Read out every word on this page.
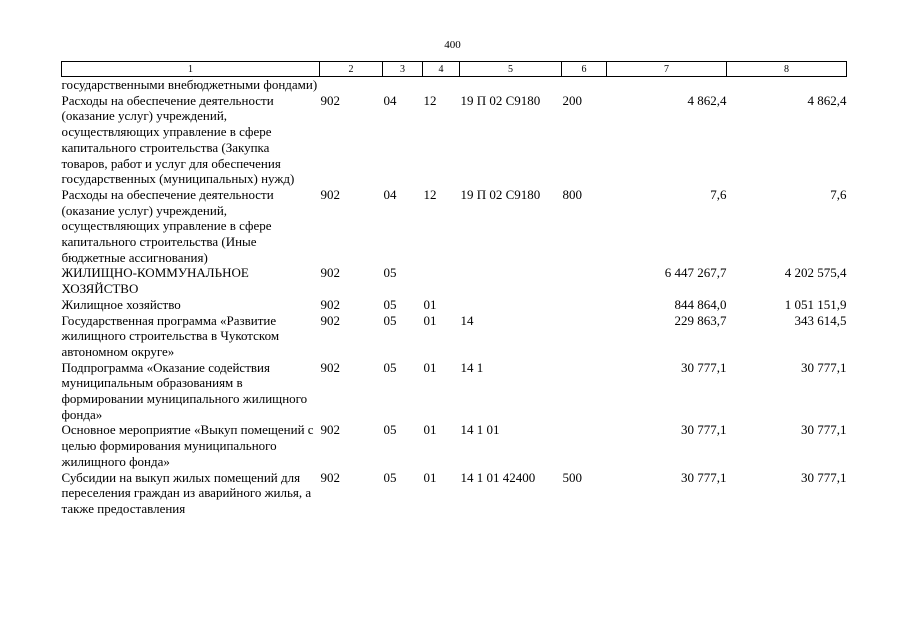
400
1	2	3	4	5	6	7	8
государственными внебюджетными фондами)							
Расходы на обеспечение деятельности (оказание услуг) учреждений, осуществляющих управление в сфере капитального строительства (Закупка товаров, работ и услуг для обеспечения государственных (муниципальных) нужд)	902	04	12	19 П 02 С9180	200	4 862,4	4 862,4
Расходы на обеспечение деятельности (оказание услуг) учреждений, осуществляющих управление в сфере капитального строительства (Иные бюджетные ассигнования)	902	04	12	19 П 02 С9180	800	7,6	7,6
ЖИЛИЩНО-КОММУНАЛЬНОЕ ХОЗЯЙСТВО	902	05				6 447 267,7	4 202 575,4
Жилищное хозяйство	902	05	01			844 864,0	1 051 151,9
Государственная программа «Развитие жилищного строительства в Чукотском автономном округе»	902	05	01	14		229 863,7	343 614,5
Подпрограмма «Оказание содействия муниципальным образованиям в формировании муниципального жилищного фонда»	902	05	01	14 1		30 777,1	30 777,1
Основное мероприятие «Выкуп помещений с целью формирования муниципального жилищного фонда»	902	05	01	14 1 01		30 777,1	30 777,1
Субсидии на выкуп жилых помещений для переселения граждан из аварийного жилья, а также предоставления	902	05	01	14 1 01 42400	500	30 777,1	30 777,1
